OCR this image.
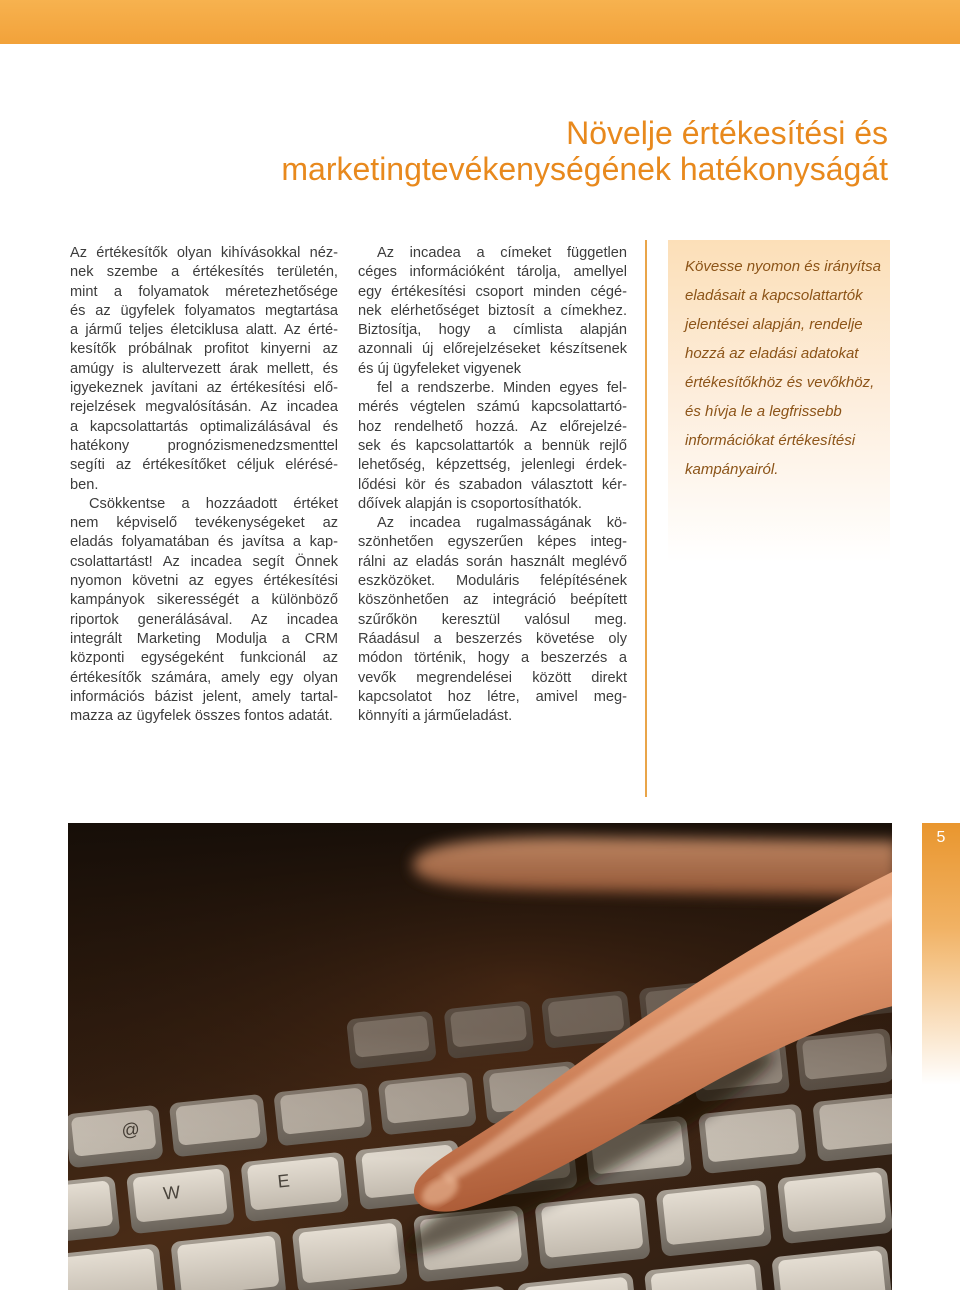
Növelje értékesítési és
marketingtevékenységének hatékonyságát
Az értékesítők olyan kihívásokkal néz-
nek szembe a értékesítés területén,
mint a folyamatok méretezhetősége
és az ügyfelek folyamatos megtartása
a jármű teljes életciklusa alatt. Az érté-
kesítők próbálnak profitot kinyerni az
amúgy is alultervezett árak mellett, és
igyekeznek javítani az értékesítési elő-
rejelzések megvalósításán. Az incadea
a kapcsolattartás optimalizálásával és
hatékony prognózismenedzsmenttel
segíti az értékesítőket céljuk elérésé-
ben.
Csökkentse a hozzáadott értéket
nem képviselő tevékenységeket az
eladás folyamatában és javítsa a kap-
csolattartást! Az incadea segít Önnek
nyomon követni az egyes értékesítési
kampányok sikerességét a különböző
riportok generálásával. Az incadea
integrált Marketing Modulja a CRM
központi egységeként funkcionál az
értékesítők számára, amely egy olyan
információs bázist jelent, amely tartal-
mazza az ügyfelek összes fontos adatát.
Az incadea a címeket független
céges információként tárolja, amellyel
egy értékesítési csoport minden cégé-
nek elérhetőséget biztosít a címekhez.
Biztosítja, hogy a címlista alapján
azonnali új előrejelzéseket készítsenek
és új ügyfeleket vigyenek
fel a rendszerbe. Minden egyes fel-
mérés végtelen számú kapcsolattartó-
hoz rendelhető hozzá. Az előrejelzé-
sek és kapcsolattartók a bennük rejlő
lehetőség, képzettség, jelenlegi érdek-
lődési kör és szabadon választott kér-
dőívek alapján is csoportosíthatók.
Az incadea rugalmasságának kö-
szönhetően egyszerűen képes integ-
rálni az eladás során használt meglévő
eszközöket. Moduláris felépítésének
köszönhetően az integráció beépített
szűrőkön keresztül valósul meg.
Ráadásul a beszerzés követése oly
módon történik, hogy a beszerzés a
vevők megrendelései között direkt
kapcsolatot hoz létre, amivel meg-
könnyíti a járműeladást.
Kövesse nyomon és irányítsa
eladásait a kapcsolattartók
jelentései alapján, rendelje
hozzá az eladási adatokat
értékesítőkhöz és vevőkhöz,
és hívja le a legfrissebb
információkat értékesítési
kampányairól.
5
